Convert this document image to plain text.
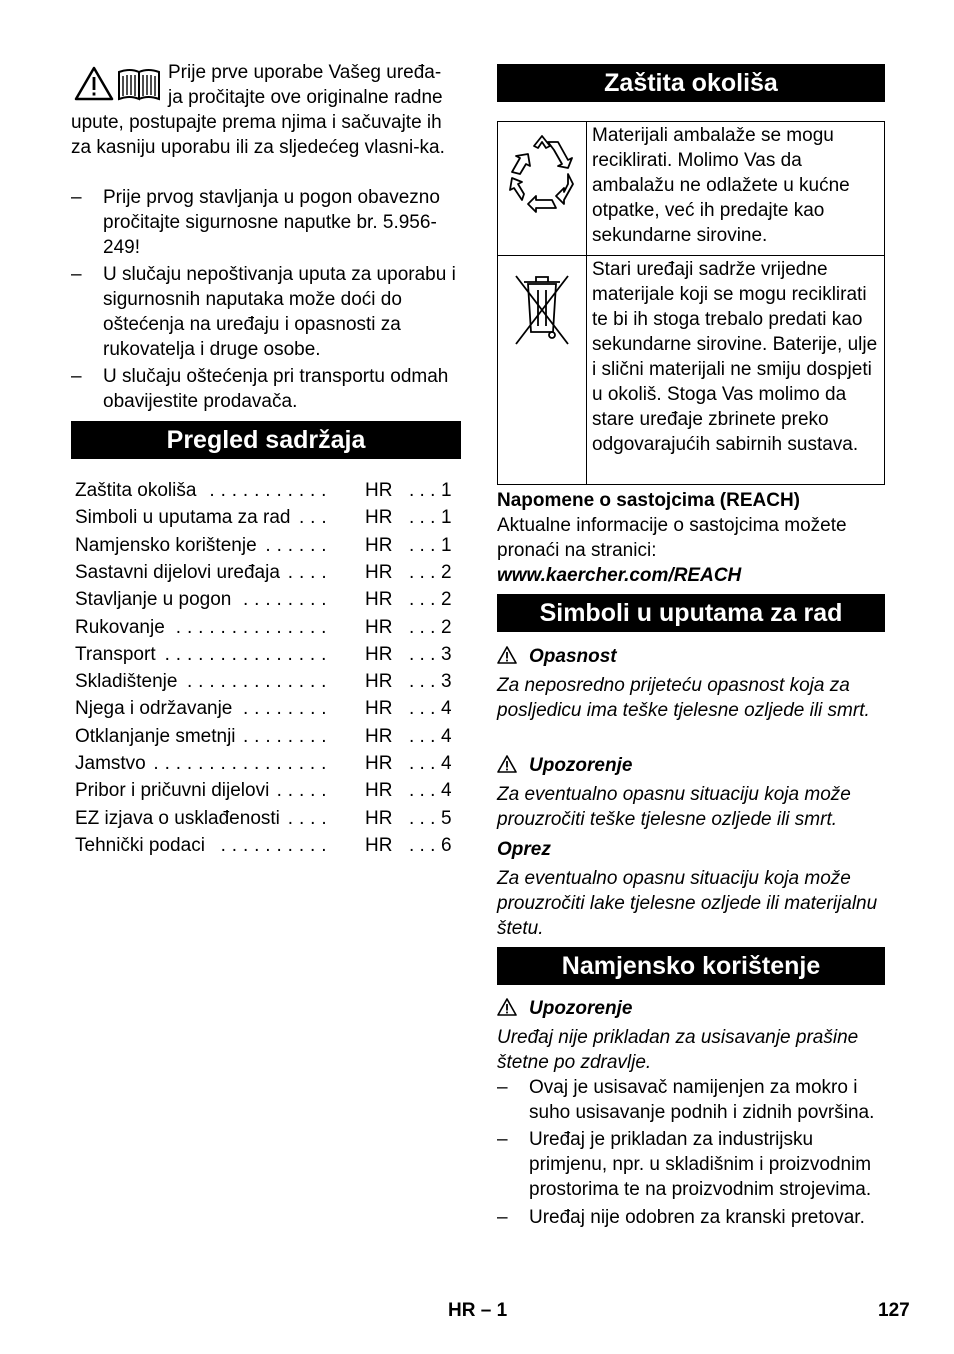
Prije prve uporabe Vašeg uređa-
ja pročitajte ove originalne radne
upute, postupajte prema njima i sačuvajte ih za kasniju uporabu ili za sljedećeg vlasni-ka.
–	Prije prvog stavljanja u pogon obavezno pročitajte sigurnosne naputke br. 5.956-249!
–	U slučaju nepoštivanja uputa za uporabu i sigurnosnih naputaka može doći do oštećenja na uređaju i opasnosti za rukovatelja i druge osobe.
–	U slučaju oštećenja pri transportu odmah obavijestite prodavača.
Pregled sadržaja
Zaštita okoliša ........... HR . . . 1
Simboli u uputama za rad ... HR . . . 1
Namjensko korištenje ...... HR . . . 1
Sastavni dijelovi uređaja .... HR . . . 2
Stavljanje u pogon ........ HR . . . 2
Rukovanje .............. HR . . . 2
Transport ............... HR . . . 3
Skladištenje ............. HR . . . 3
Njega i održavanje ........ HR . . . 4
Otklanjanje smetnji ........ HR . . . 4
Jamstvo ................ HR . . . 4
Pribor i pričuvni dijelovi ..... HR . . . 4
EZ izjava o usklađenosti .... HR . . . 5
Tehnički podaci .......... HR . . . 6
Zaštita okoliša
	Materijali ambalaže se mogu reciklirati. Molimo Vas da ambalažu ne odlažete u kućne otpatke, već ih predajte kao sekundarne sirovine.
	Stari uređaji sadrže vrijedne materijale koji se mogu reciklirati te bi ih stoga trebalo predati kao sekundarne sirovine. Baterije, ulje i slični materijali ne smiju dospjeti u okoliš. Stoga Vas molimo da stare uređaje zbrinete preko odgovarajućih sabirnih sustava.
Napomene o sastojcima (REACH)
Aktualne informacije o sastojcima možete pronaći na stranici:
www.kaercher.com/REACH
Simboli u uputama za rad
Opasnost
Za neposredno prijeteću opasnost koja za posljedicu ima teške tjelesne ozljede ili smrt.
Upozorenje
Za eventualno opasnu situaciju koja može prouzročiti teške tjelesne ozljede ili smrt.
Oprez
Za eventualno opasnu situaciju koja može prouzročiti lake tjelesne ozljede ili materijalnu štetu.
Namjensko korištenje
Upozorenje
Uređaj nije prikladan za usisavanje prašine štetne po zdravlje.
–	Ovaj je usisavač namijenjen za mokro i suho usisavanje podnih i zidnih površina.
–	Uređaj je prikladan za industrijsku primjenu, npr. u skladišnim i proizvodnim prostorima te na proizvodnim strojevima.
–	Uređaj nije odobren za kranski pretovar.
HR – 1	127
